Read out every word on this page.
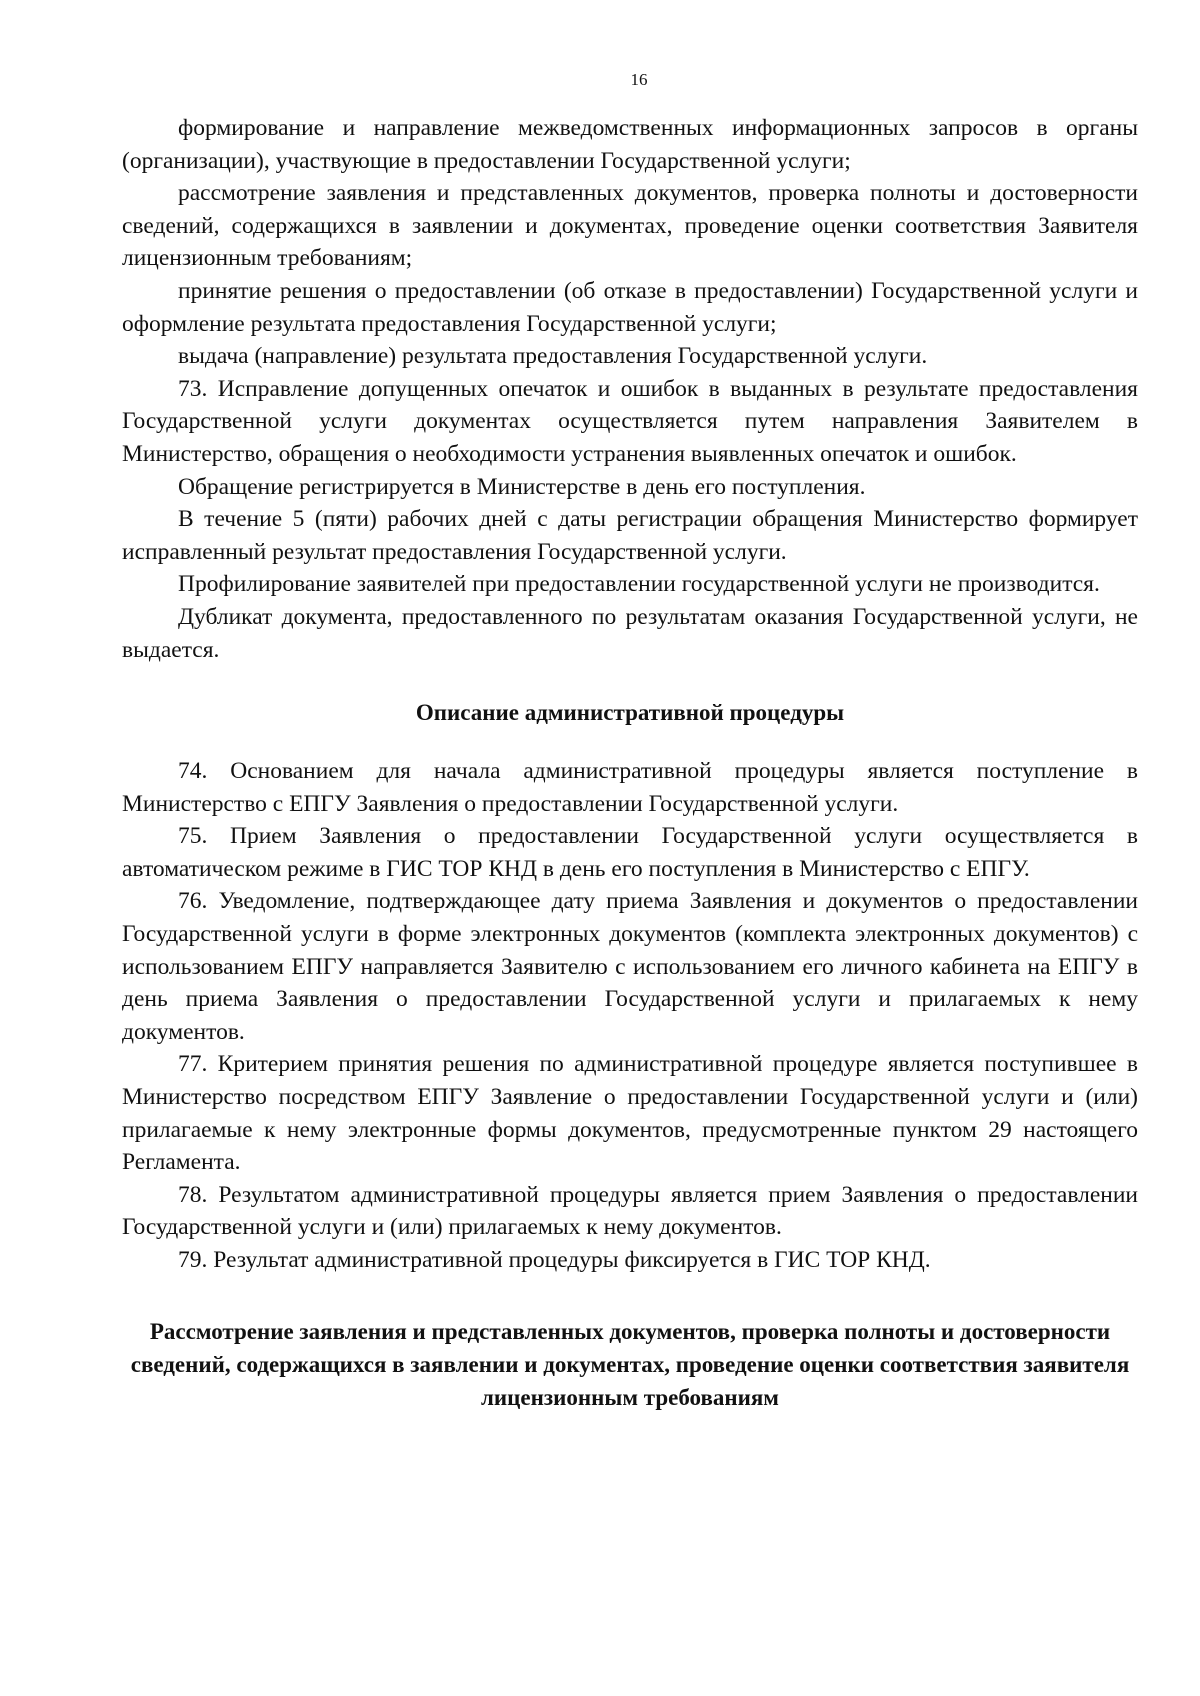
16

формирование и направление межведомственных информационных запросов в органы (организации), участвующие в предоставлении Государственной услуги;

рассмотрение заявления и представленных документов, проверка полноты и достоверности сведений, содержащихся в заявлении и документах, проведение оценки соответствия Заявителя лицензионным требованиям;

принятие решения о предоставлении (об отказе в предоставлении) Государственной услуги и оформление результата предоставления Государственной услуги;

выдача (направление) результата предоставления Государственной услуги.

73. Исправление допущенных опечаток и ошибок в выданных в результате предоставления Государственной услуги документах осуществляется путем направления Заявителем в Министерство, обращения о необходимости устранения выявленных опечаток и ошибок.

Обращение регистрируется в Министерстве в день его поступления.

В течение 5 (пяти) рабочих дней с даты регистрации обращения Министерство формирует исправленный результат предоставления Государственной услуги.

Профилирование заявителей при предоставлении государственной услуги не производится.

Дубликат документа, предоставленного по результатам оказания Государственной услуги, не выдается.

Описание административной процедуры

74. Основанием для начала административной процедуры является поступление в Министерство с ЕПГУ Заявления о предоставлении Государственной услуги.

75. Прием Заявления о предоставлении Государственной услуги осуществляется в автоматическом режиме в ГИС ТОР КНД в день его поступления в Министерство с ЕПГУ.

76. Уведомление, подтверждающее дату приема Заявления и документов о предоставлении Государственной услуги в форме электронных документов (комплекта электронных документов) с использованием ЕПГУ направляется Заявителю с использованием его личного кабинета на ЕПГУ в день приема Заявления о предоставлении Государственной услуги и прилагаемых к нему документов.

77. Критерием принятия решения по административной процедуре является поступившее в Министерство посредством ЕПГУ Заявление о предоставлении Государственной услуги и (или) прилагаемые к нему электронные формы документов, предусмотренные пунктом 29 настоящего Регламента.

78. Результатом административной процедуры является прием Заявления о предоставлении Государственной услуги и (или) прилагаемых к нему документов.

79. Результат административной процедуры фиксируется в ГИС ТОР КНД.

Рассмотрение заявления и представленных документов, проверка полноты и достоверности сведений, содержащихся в заявлении и документах, проведение оценки соответствия заявителя лицензионным требованиям
